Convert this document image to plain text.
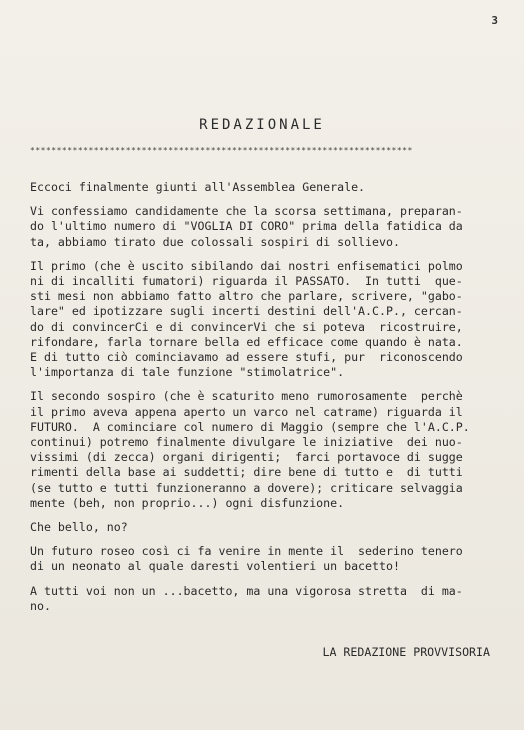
3
REDAZIONALE
************************************************************************
Eccoci finalmente giunti all'Assemblea Generale.
Vi confessiamo candidamente che la scorsa settimana, preparan-
do l'ultimo numero di "VOGLIA DI CORO" prima della fatidica da
ta, abbiamo tirato due colossali sospiri di sollievo.
Il primo (che è uscito sibilando dai nostri enfisematici polmo
ni di incalliti fumatori) riguarda il PASSATO.  In tutti  que-
sti mesi non abbiamo fatto altro che parlare, scrivere, "gabo-
lare" ed ipotizzare sugli incerti destini dell'A.C.P., cercan-
do di convincerCi e di convincerVi che si poteva  ricostruire,
rifondare, farla tornare bella ed efficace come quando è nata.
E di tutto ciò cominciavamo ad essere stufi, pur  riconoscendo
l'importanza di tale funzione "stimolatrice".
Il secondo sospiro (che è scaturito meno rumorosamente  perchè
il primo aveva appena aperto un varco nel catrame) riguarda il
FUTURO.  A cominciare col numero di Maggio (sempre che l'A.C.P.
continui) potremo finalmente divulgare le iniziative  dei nuo-
vissimi (di zecca) organi dirigenti;  farci portavoce di sugge
rimenti della base ai suddetti; dire bene di tutto e  di tutti
(se tutto e tutti funzioneranno a dovere); criticare selvaggia
mente (beh, non proprio...) ogni disfunzione.
Che bello, no?
Un futuro roseo così ci fa venire in mente il  sederino tenero
di un neonato al quale daresti volentieri un bacetto!
A tutti voi non un ...bacetto, ma una vigorosa stretta  di ma-
no.
LA REDAZIONE PROVVISORIA
